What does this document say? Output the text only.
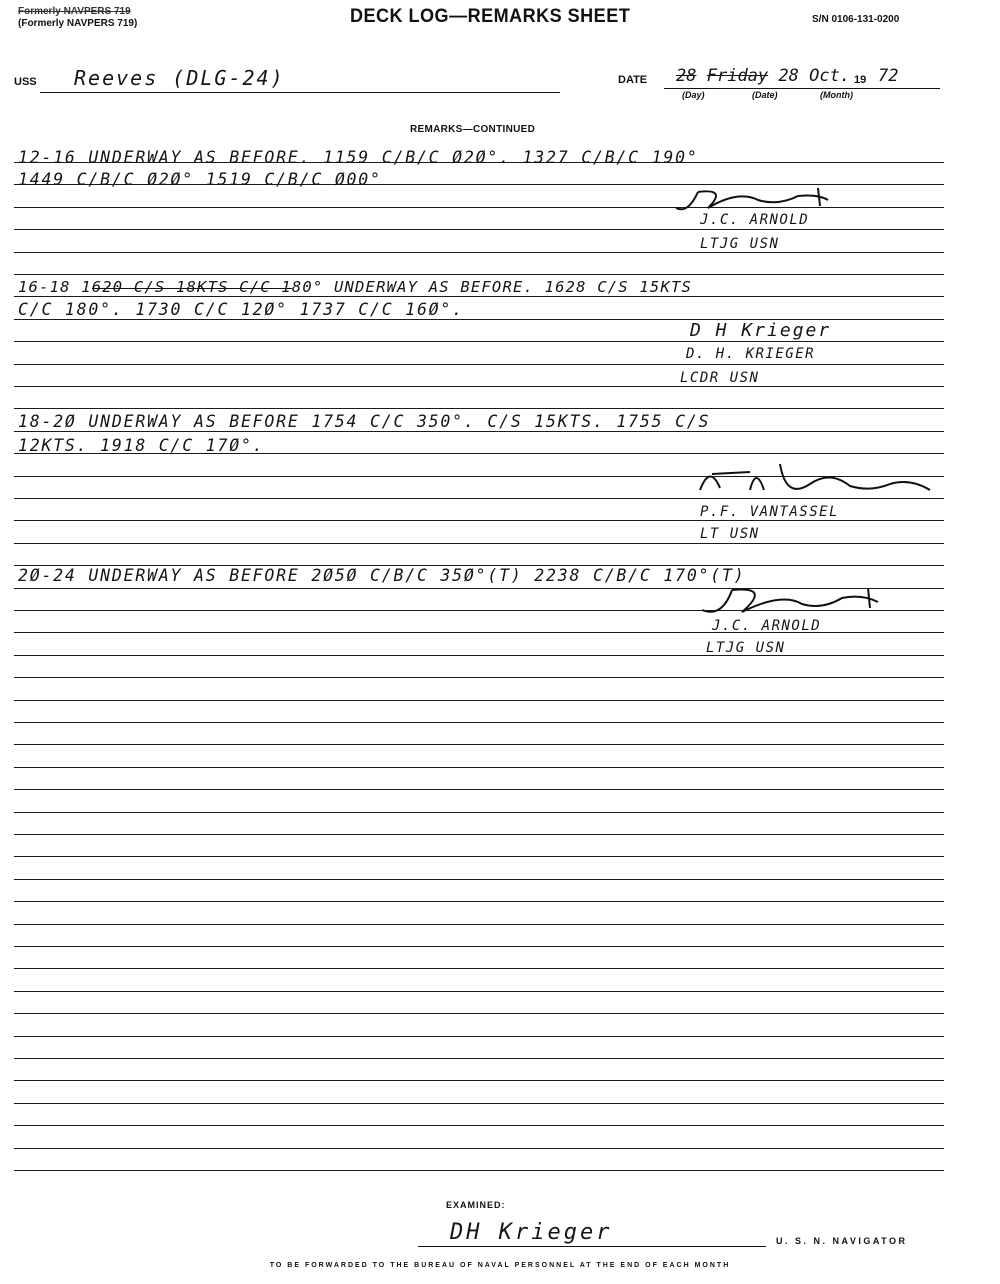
Formerly NAVPERS 719
(Formerly NAVPERS 719)	DECK LOG—REMARKS SHEET	S/N 0106-131-0200
USS Reeves (DLG-24)	DATE 28 Friday 28 Oct. 19 72
(Day)	(Date)	(Month)
REMARKS—CONTINUED
12-16 UNDERWAY AS BEFORE. 1159 C/B/C Ø2Ø°. 1327 C/B/C 190°
1449 C/B/C Ø2Ø° 1519 C/B/C Ø00°
J.C. ARNOLD
LTJG USN
16-18 1620 C/S 18KTS C/C 180° UNDERWAY AS BEFORE. 1628 C/S 15KTS
C/C 180°. 1730 C/C 12Ø° 1737 C/C 16Ø°.
D H Krieger
D. H. KRIEGER
LCDR USN
18-2Ø UNDERWAY AS BEFORE 1754 C/C 350°. C/S 15KTS. 1755 C/S
12KTS. 1918 C/C 17Ø°.
P.F. VANTASSEL
LT USN
2Ø-24 UNDERWAY AS BEFORE 2Ø5Ø C/B/C 35Ø°(T) 2238 C/B/C 170°(T)
J.C. ARNOLD
LTJG USN
EXAMINED:
DH Krieger	U. S. N. NAVIGATOR
TO BE FORWARDED TO THE BUREAU OF NAVAL PERSONNEL AT THE END OF EACH MONTH
